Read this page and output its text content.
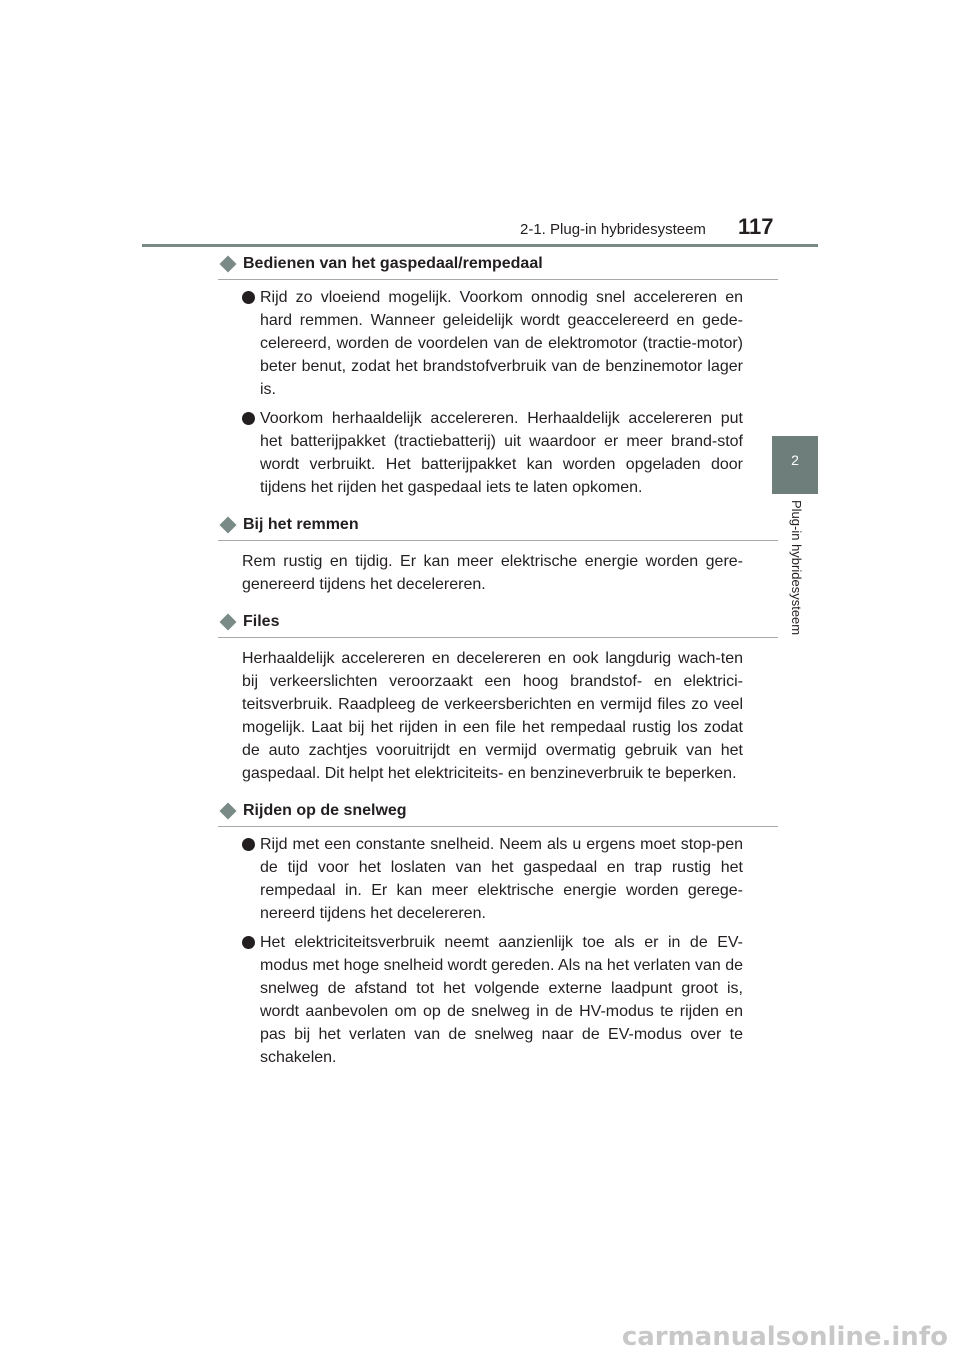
2-1. Plug-in hybridesysteem 117
2
Plug-in hybridesysteem
Bedienen van het gaspedaal/rempedaal
Rijd zo vloeiend mogelijk. Voorkom onnodig snel accelereren en hard remmen. Wanneer geleidelijk wordt geaccelereerd en gede-celereerd, worden de voordelen van de elektromotor (tractie-motor) beter benut, zodat het brandstofverbruik van de benzinemotor lager is.
Voorkom herhaaldelijk accelereren. Herhaaldelijk accelereren put het batterijpakket (tractiebatterij) uit waardoor er meer brand-stof wordt verbruikt. Het batterijpakket kan worden opgeladen door tijdens het rijden het gaspedaal iets te laten opkomen.
Bij het remmen
Rem rustig en tijdig. Er kan meer elektrische energie worden gere-genereerd tijdens het decelereren.
Files
Herhaaldelijk accelereren en decelereren en ook langdurig wach-ten bij verkeerslichten veroorzaakt een hoog brandstof- en elektrici-teitsverbruik. Raadpleeg de verkeersberichten en vermijd files zo veel mogelijk. Laat bij het rijden in een file het rempedaal rustig los zodat de auto zachtjes vooruitrijdt en vermijd overmatig gebruik van het gaspedaal. Dit helpt het elektriciteits- en benzineverbruik te beperken.
Rijden op de snelweg
Rijd met een constante snelheid. Neem als u ergens moet stop-pen de tijd voor het loslaten van het gaspedaal en trap rustig het rempedaal in. Er kan meer elektrische energie worden gerege-nereerd tijdens het decelereren.
Het elektriciteitsverbruik neemt aanzienlijk toe als er in de EV-modus met hoge snelheid wordt gereden. Als na het verlaten van de snelweg de afstand tot het volgende externe laadpunt groot is, wordt aanbevolen om op de snelweg in de HV-modus te rijden en pas bij het verlaten van de snelweg naar de EV-modus over te schakelen.
carmanualsonline.info
